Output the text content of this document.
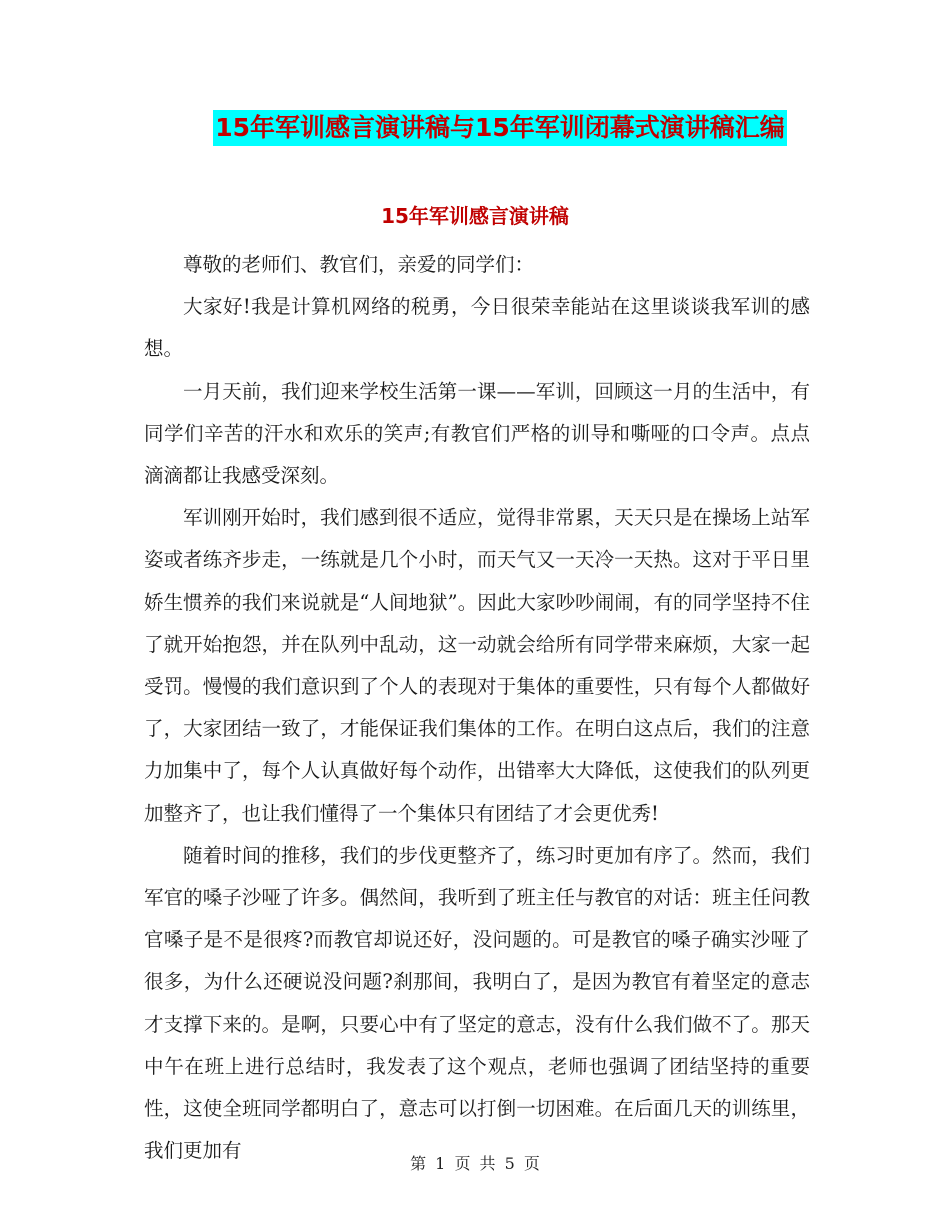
15年军训感言演讲稿与15年军训闭幕式演讲稿汇编
15年军训感言演讲稿

尊敬的老师们、教官们，亲爱的同学们：

大家好!我是计算机网络的税勇，今日很荣幸能站在这里谈谈我军训的感想。

一月天前，我们迎来学校生活第一课——军训，回顾这一月的生活中，有同学们辛苦的汗水和欢乐的笑声;有教官们严格的训导和嘶哑的口令声。点点滴滴都让我感受深刻。

军训刚开始时，我们感到很不适应，觉得非常累，天天只是在操场上站军姿或者练齐步走，一练就是几个小时，而天气又一天冷一天热。这对于平日里娇生惯养的我们来说就是“人间地狱”。因此大家吵吵闹闹，有的同学坚持不住了就开始抱怨，并在队列中乱动，这一动就会给所有同学带来麻烦，大家一起受罚。慢慢的我们意识到了个人的表现对于集体的重要性，只有每个人都做好了，大家团结一致了，才能保证我们集体的工作。在明白这点后，我们的注意力加集中了，每个人认真做好每个动作，出错率大大降低，这使我们的队列更加整齐了，也让我们懂得了一个集体只有团结了才会更优秀!

随着时间的推移，我们的步伐更整齐了，练习时更加有序了。然而，我们军官的嗓子沙哑了许多。偶然间，我听到了班主任与教官的对话：班主任问教官嗓子是不是很疼?而教官却说还好，没问题的。可是教官的嗓子确实沙哑了很多，为什么还硬说没问题?刹那间，我明白了，是因为教官有着坚定的意志才支撑下来的。是啊，只要心中有了坚定的意志，没有什么我们做不了。那天中午在班上进行总结时，我发表了这个观点，老师也强调了团结坚持的重要性，这使全班同学都明白了，意志可以打倒一切困难。在后面几天的训练里，我们更加有

第 1 页 共 5 页
